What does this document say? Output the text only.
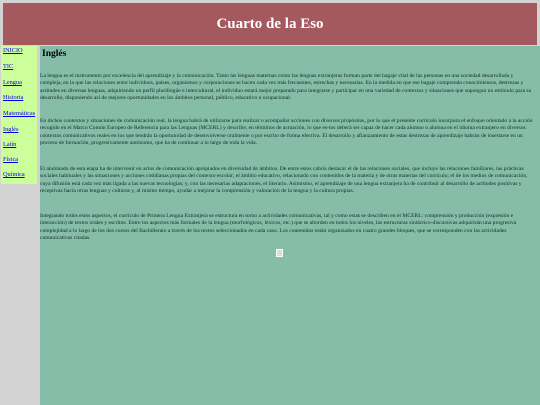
Cuarto de la Eso
INICIO
TIC
Lengua
Historia
Matemáticas
Inglés
Latín
Física
Química
Inglés

La lengua es el instrumento por excelencia del aprendizaje y la comunicación. Tanto las lenguas maternas como las lenguas extranjeras forman parte del bagaje vital de las personas en una sociedad desarrollada y compleja, en la que las relaciones entre individuos, países, organismos y corporaciones se hacen cada vez más frecuentes, estrechas y necesarias. En la medida en que ese bagaje comprenda conocimientos, destrezas y actitudes en diversas lenguas, adquiriendo un perfil plurilingüe e intercultural, el individuo estará mejor preparado para integrarse y participar en una variedad de contextos y situaciones que supongan un estímulo para su desarrollo, disponiendo así de mejores oportunidades en los ámbitos personal, público, educativo u ocupacional.

En dichos contextos y situaciones de comunicación real, la lengua habrá de utilizarse para realizar o acompañar acciones con diversos propósitos, por lo que el presente currículo incorpora el enfoque orientado a la acción recogido en el Marco Común Europeo de Referencia para las Lenguas (MCERL) y describe, en términos de actuación, lo que es-tos deberá ser capaz de hacer cada alumno o alumna en el idioma extranjero en diversos contextos comunicativos reales en los que tendrán la oportunidad de desenvolverse oralmente o por escrito de forma efectiva. El desarrollo y afianzamiento de estas destrezas de aprendizaje habrán de insertarse en un proceso de formación, progresivamente autónomo, que ha de continuar a lo largo de toda la vida.

El alumnado de esta etapa ha de intervenir en actos de comunicación apropiados en diversidad de ámbitos. De entre estos cabría destacar el de las relaciones sociales, que incluye las relaciones familiares, las prácticas sociales habituales y las situaciones y acciones cotidianas propias del contexto escolar; el ámbito educativo, relacionado con contenidos de la materia y de otras materias del currículo; el de los medios de comunicación, cuya difusión está cada vez más ligada a las nuevas tecnologías; y, con las necesarias adaptaciones, el literario. Asimismo, el aprendizaje de una lengua extranjera ha de contribuir al desarrollo de actitudes positivas y receptivas hacia otras lenguas y culturas y, al mismo tiempo, ayudar a mejorar la comprensión y valoración de la lengua y la cultura propias.

Integrando todos estos aspectos, el currículo de Primera Lengua Extranjera se estructura en torno a actividades comunicativas, tal y como estas se describen en el MCERL: comprensión y producción (expresión e interacción) de textos orales y escritos. Entre los aspectos más formales de la lengua (morfológicos, léxicos, etc.) que se aborden en todos los niveles, las estructuras sintáctico-discursivas adquirirán una progresiva complejidad a lo largo de los dos cursos del Bachillerato a través de los textos seleccionados en cada caso. Los contenidos están organizados en cuatro grandes bloques, que se corresponden con las actividades comunicativas citadas.
